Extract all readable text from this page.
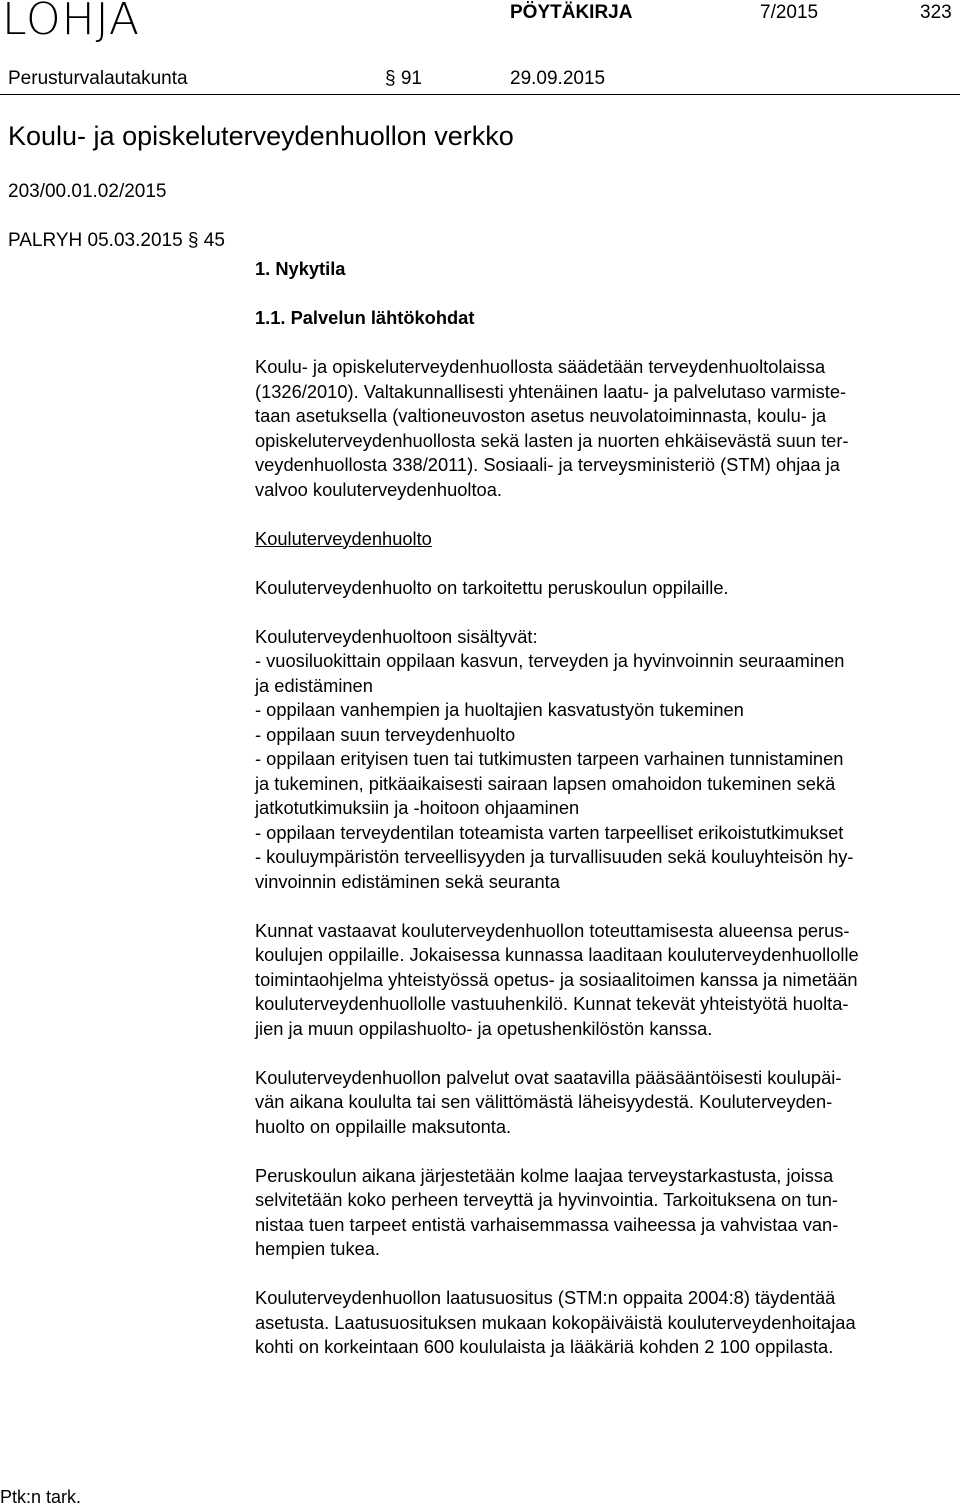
LOHJA	PÖYTÄKIRJA	7/2015	323
Perusturvalautakunta	§ 91	29.09.2015
Koulu- ja opiskeluterveydenhuollon verkko
203/00.01.02/2015
PALRYH 05.03.2015 § 45

1. Nykytila

1.1. Palvelun lähtökohdat

Koulu- ja opiskeluterveydenhuollosta säädetään terveydenhuoltolaissa

(1326/2010). Valtakunnallisesti yhtenäinen laatu- ja palvelutaso varmiste-

taan asetuksella (valtioneuvoston asetus neuvolatoiminnasta, koulu- ja

opiskeluterveydenhuollosta sekä lasten ja nuorten ehkäisevästä suun ter-

veydenhuollosta 338/2011). Sosiaali- ja terveysministeriö (STM) ohjaa ja

valvoo kouluterveydenhuoltoa.

Kouluterveydenhuolto

Kouluterveydenhuolto on tarkoitettu peruskoulun oppilaille.

Kouluterveydenhuoltoon sisältyvät:

- vuosiluokittain oppilaan kasvun, terveyden ja hyvinvoinnin seuraaminen

ja edistäminen

- oppilaan vanhempien ja huoltajien kasvatustyön tukeminen

- oppilaan suun terveydenhuolto

- oppilaan erityisen tuen tai tutkimusten tarpeen varhainen tunnistaminen

ja tukeminen, pitkäaikaisesti sairaan lapsen omahoidon tukeminen sekä

jatkotutkimuksiin ja -hoitoon ohjaaminen

- oppilaan terveydentilan toteamista varten tarpeelliset erikoistutkimukset

- kouluympäristön terveellisyyden ja turvallisuuden sekä kouluyhteisön hy-

vinvoinnin edistäminen sekä seuranta

Kunnat vastaavat kouluterveydenhuollon toteuttamisesta alueensa perus-

koulujen oppilaille. Jokaisessa kunnassa laaditaan kouluterveydenhuollolle

toimintaohjelma yhteistyössä opetus- ja sosiaalitoimen kanssa ja nimetään

kouluterveydenhuollolle vastuuhenkilö. Kunnat tekevät yhteistyötä huolta-

jien ja muun oppilashuolto- ja opetushenkilöstön kanssa.

Kouluterveydenhuollon palvelut ovat saatavilla pääsääntöisesti koulupäi-

vän aikana koululta tai sen välittömästä läheisyydestä. Kouluterveyden-

huolto on oppilaille maksutonta.

Peruskoulun aikana järjestetään kolme laajaa terveystarkastusta, joissa

selvitetään koko perheen terveyttä ja hyvinvointia. Tarkoituksena on tun-

nistaa tuen tarpeet entistä varhaisemmassa vaiheessa ja vahvistaa van-

hempien tukea.

Kouluterveydenhuollon laatusuositus (STM:n oppaita 2004:8) täydentää

asetusta. Laatusuosituksen mukaan kokopäiväistä kouluterveydenhoitajaa

kohti on korkeintaan 600 koululaista ja lääkäriä kohden 2 100 oppilasta.

Ptk:n tark.
